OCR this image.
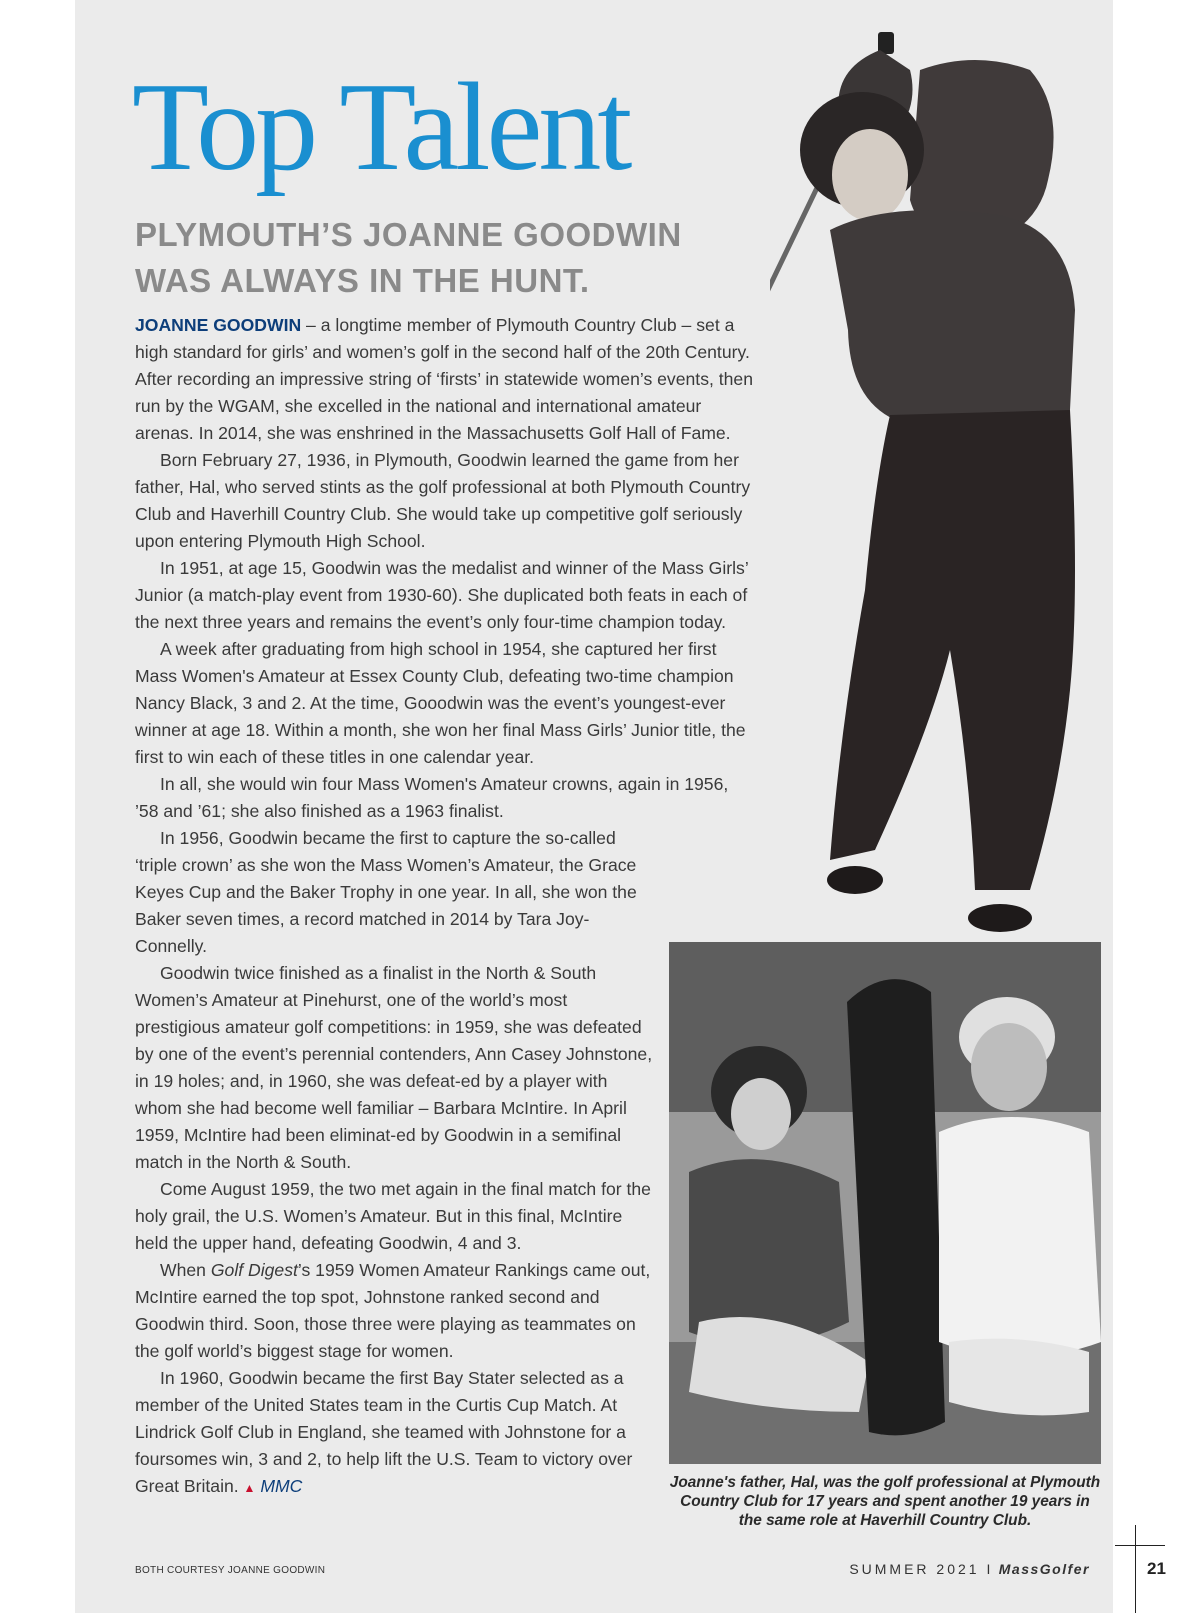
Top Talent
PLYMOUTH’S JOANNE GOODWIN
WAS ALWAYS IN THE HUNT.

JOANNE GOODWIN – a longtime member of Plymouth Country Club – set a high standard for girls’ and women’s golf in the second half of the 20th Century. After recording an impressive string of ‘firsts’ in statewide women’s events, then run by the WGAM, she excelled in the national and international amateur arenas. In 2014, she was enshrined in the Massachusetts Golf Hall of Fame.

Born February 27, 1936, in Plymouth, Goodwin learned the game from her father, Hal, who served stints as the golf professional at both Plymouth Country Club and Haverhill Country Club. She would take up competitive golf seriously upon entering Plymouth High School.

In 1951, at age 15, Goodwin was the medalist and winner of the Mass Girls’ Junior (a match-play event from 1930-60). She duplicated both feats in each of the next three years and remains the event’s only four-time champion today.

A week after graduating from high school in 1954, she captured her first Mass Women's Amateur at Essex County Club, defeating two-time champion Nancy Black, 3 and 2. At the time, Gooodwin was the event’s youngest-ever winner at age 18. Within a month, she won her final Mass Girls’ Junior title, the first to win each of these titles in one calendar year.

In all, she would win four Mass Women's Amateur crowns, again in 1956, ’58 and ’61; she also finished as a 1963 finalist.

In 1956, Goodwin became the first to capture the so-called ‘triple crown’ as she won the Mass Women’s Amateur, the Grace Keyes Cup and the Baker Trophy in one year. In all, she won the Baker seven times, a record matched in 2014 by Tara Joy-Connelly.

Goodwin twice finished as a finalist in the North & South Women’s Amateur at Pinehurst, one of the world’s most prestigious amateur golf competitions: in 1959, she was defeated by one of the event’s perennial contenders, Ann Casey Johnstone, in 19 holes; and, in 1960, she was defeat-ed by a player with whom she had become well familiar – Barbara McIntire. In April 1959, McIntire had been eliminat-ed by Goodwin in a semifinal match in the North & South.

Come August 1959, the two met again in the final match for the holy grail, the U.S. Women’s Amateur. But in this final, McIntire held the upper hand, defeating Goodwin, 4 and 3.

When Golf Digest’s 1959 Women Amateur Rankings came out, McIntire earned the top spot, Johnstone ranked second and Goodwin third. Soon, those three were playing as teammates on the golf world’s biggest stage for women.

In 1960, Goodwin became the first Bay Stater selected as a member of the United States team in the Curtis Cup Match. At Lindrick Golf Club in England, she teamed with Johnstone for a foursomes win, 3 and 2, to help lift the U.S. Team to victory over Great Britain. ▲ MMC	Joanne's father, Hal, was the golf professional at Plymouth Country Club for 17 years and spent another 19 years in the same role at Haverhill Country Club.
BOTH COURTESY JOANNE GOODWIN	SUMMER 2021 I MassGolfer	21
